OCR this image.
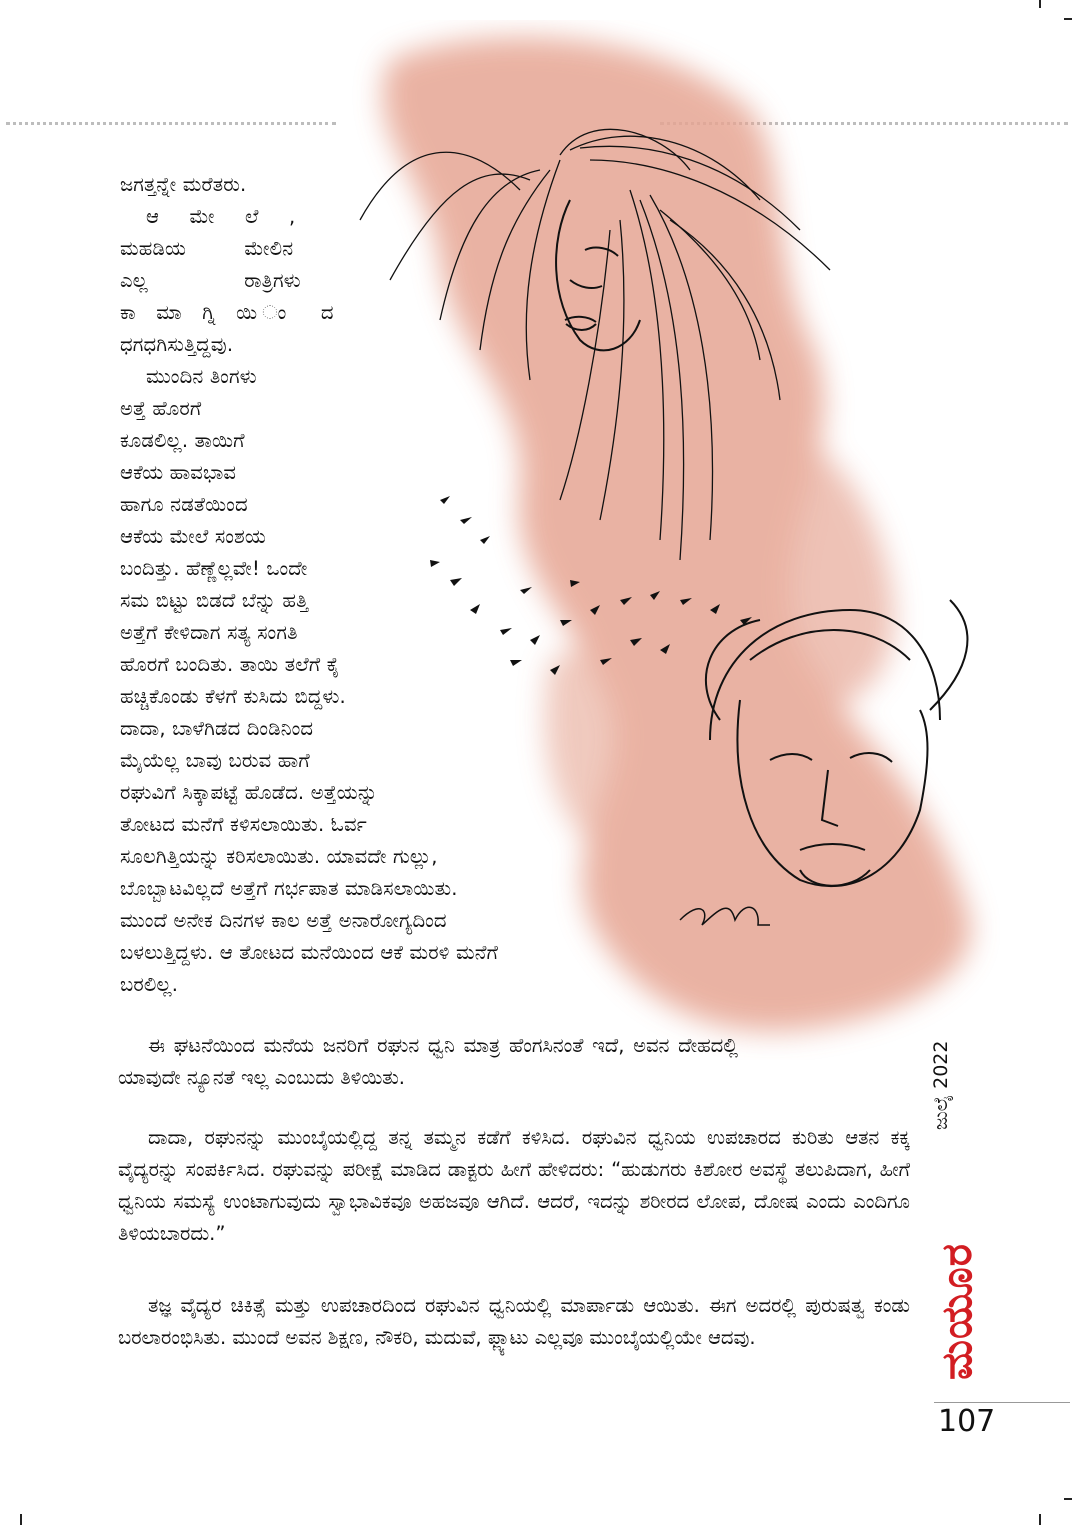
ಜಗತ್ತನ್ನೇ ಮರೆತರು.
ಆ ಮೇ ಲೆ ,
ಮಹಡಿಯ ಮೇಲಿನ
ಎಲ್ಲ ರಾತ್ರಿಗಳು
ಕಾ ಮಾ ಗ್ನಿ ಯಿ ಂ ದ
ಧಗಧಗಿಸುತ್ತಿದ್ದವು.
ಮುಂದಿನ ತಿಂಗಳು
ಅತ್ತೆ ಹೊರಗೆ
ಕೂಡಲಿಲ್ಲ. ತಾಯಿಗೆ
ಆಕೆಯ ಹಾವಭಾವ
ಹಾಗೂ ನಡತೆಯಿಂದ
ಆಕೆಯ ಮೇಲೆ ಸಂಶಯ
ಬಂದಿತ್ತು. ಹೆಣ್ಣೆಲ್ಲವೇ! ಒಂದೇ
ಸಮ ಬಿಟ್ಟು ಬಿಡದೆ ಬೆನ್ನು ಹತ್ತಿ
ಅತ್ತೆಗೆ ಕೇಳಿದಾಗ ಸತ್ಯ ಸಂಗತಿ
ಹೊರಗೆ ಬಂದಿತು. ತಾಯಿ ತಲೆಗೆ ಕೈ
ಹಚ್ಚಿಕೊಂಡು ಕೆಳಗೆ ಕುಸಿದು ಬಿದ್ದಳು.
ದಾದಾ, ಬಾಳೆಗಿಡದ ದಿಂಡಿನಿಂದ
ಮೈಯೆಲ್ಲ ಬಾವು ಬರುವ ಹಾಗೆ
ರಘುವಿಗೆ ಸಿಕ್ಕಾಪಟ್ಟೆ ಹೊಡೆದ. ಅತ್ತೆಯನ್ನು
ತೋಟದ ಮನೆಗೆ ಕಳಿಸಲಾಯಿತು. ಓರ್ವ
ಸೂಲಗಿತ್ತಿಯನ್ನು ಕರಿಸಲಾಯಿತು. ಯಾವದೇ ಗುಲ್ಲು,
ಬೊಬ್ಬಾಟವಿಲ್ಲದೆ ಅತ್ತೆಗೆ ಗರ್ಭಪಾತ ಮಾಡಿಸಲಾಯಿತು.
ಮುಂದೆ ಅನೇಕ ದಿನಗಳ ಕಾಲ ಅತ್ತೆ ಅನಾರೋಗ್ಯದಿಂದ
ಬಳಲುತ್ತಿದ್ದಳು. ಆ ತೋಟದ ಮನೆಯಿಂದ ಆಕೆ ಮರಳಿ ಮನೆಗೆ
ಬರಲಿಲ್ಲ.

ಈ ಘಟನೆಯಿಂದ ಮನೆಯ ಜನರಿಗೆ ರಘುನ ಧ್ವನಿ ಮಾತ್ರ ಹೆಂಗಸಿನಂತೆ ಇದೆ, ಅವನ ದೇಹದಲ್ಲಿ ಯಾವುದೇ ನ್ಯೂನತೆ ಇಲ್ಲ ಎಂಬುದು ತಿಳಿಯಿತು.

ದಾದಾ, ರಘುನನ್ನು ಮುಂಬೈಯಲ್ಲಿದ್ದ ತನ್ನ ತಮ್ಮನ ಕಡೆಗೆ ಕಳಿಸಿದ. ರಘುವಿನ ಧ್ವನಿಯ ಉಪಚಾರದ ಕುರಿತು ಆತನ ಕಕ್ಕ ವೈದ್ಯರನ್ನು ಸಂಪರ್ಕಿಸಿದ. ರಘುವನ್ನು ಪರೀಕ್ಷೆ ಮಾಡಿದ ಡಾಕ್ಟರು ಹೀಗೆ ಹೇಳಿದರು: “ಹುಡುಗರು ಕಿಶೋರ ಅವಸ್ಥೆ ತಲುಪಿದಾಗ, ಹೀಗೆ ಧ್ವನಿಯ ಸಮಸ್ಯೆ ಉಂಟಾಗುವುದು ಸ್ವಾಭಾವಿಕವೂ ಅಹಜವೂ ಆಗಿದೆ. ಆದರೆ, ಇದನ್ನು ಶರೀರದ ಲೋಪ, ದೋಷ ಎಂದು ಎಂದಿಗೂ ತಿಳಿಯಬಾರದು.”

ತಜ್ಞ ವೈದ್ಯರ ಚಿಕಿತ್ಸೆ ಮತ್ತು ಉಪಚಾರದಿಂದ ರಘುವಿನ ಧ್ವನಿಯಲ್ಲಿ ಮಾರ್ಪಾಡು ಆಯಿತು. ಈಗ ಅದರಲ್ಲಿ ಪುರುಷತ್ವ ಕಂಡು ಬರಲಾರಂಭಿಸಿತು. ಮುಂದೆ ಅವನ ಶಿಕ್ಷಣ, ನೌಕರಿ, ಮದುವೆ, ಫ್ಲ್ಯಾಟು ಎಲ್ಲವೂ ಮುಂಬೈಯಲ್ಲಿಯೇ ಆದವು.

ಜುಲೈ 2022
ಮಯೂರ
107
